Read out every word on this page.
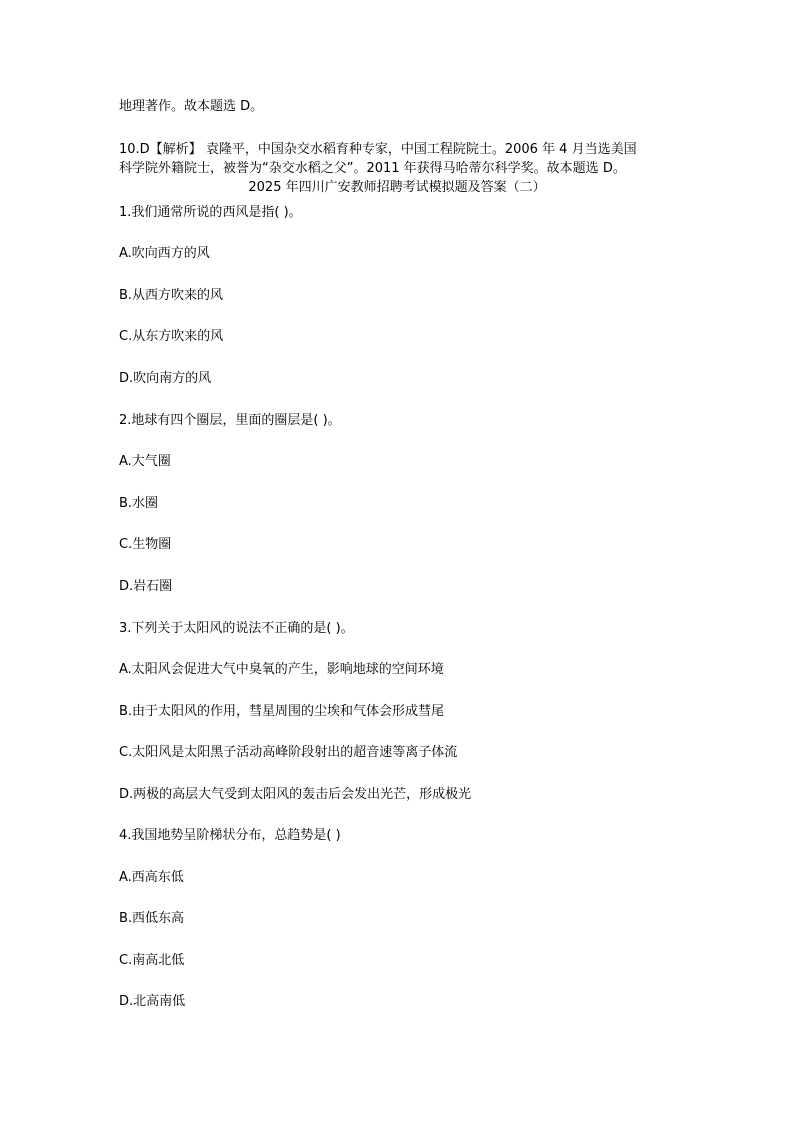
地理著作。故本题选 D。
10.D【解析】 袁隆平，中国杂交水稻育种专家，中国工程院院士。2006 年 4 月当选美国
科学院外籍院士，被誉为“杂交水稻之父”。2011 年获得马哈蒂尔科学奖。故本题选 D。
2025 年四川广安教师招聘考试模拟题及答案（二）
1.我们通常所说的西风是指( )。
A.吹向西方的风
B.从西方吹来的风
C.从东方吹来的风
D.吹向南方的风
2.地球有四个圈层，里面的圈层是( )。
A.大气圈
B.水圈
C.生物圈
D.岩石圈
3.下列关于太阳风的说法不正确的是( )。
A.太阳风会促进大气中臭氧的产生，影响地球的空间环境
B.由于太阳风的作用，彗星周围的尘埃和气体会形成彗尾
C.太阳风是太阳黑子活动高峰阶段射出的超音速等离子体流
D.两极的高层大气受到太阳风的轰击后会发出光芒，形成极光
4.我国地势呈阶梯状分布，总趋势是( )
A.西高东低
B.西低东高
C.南高北低
D.北高南低
